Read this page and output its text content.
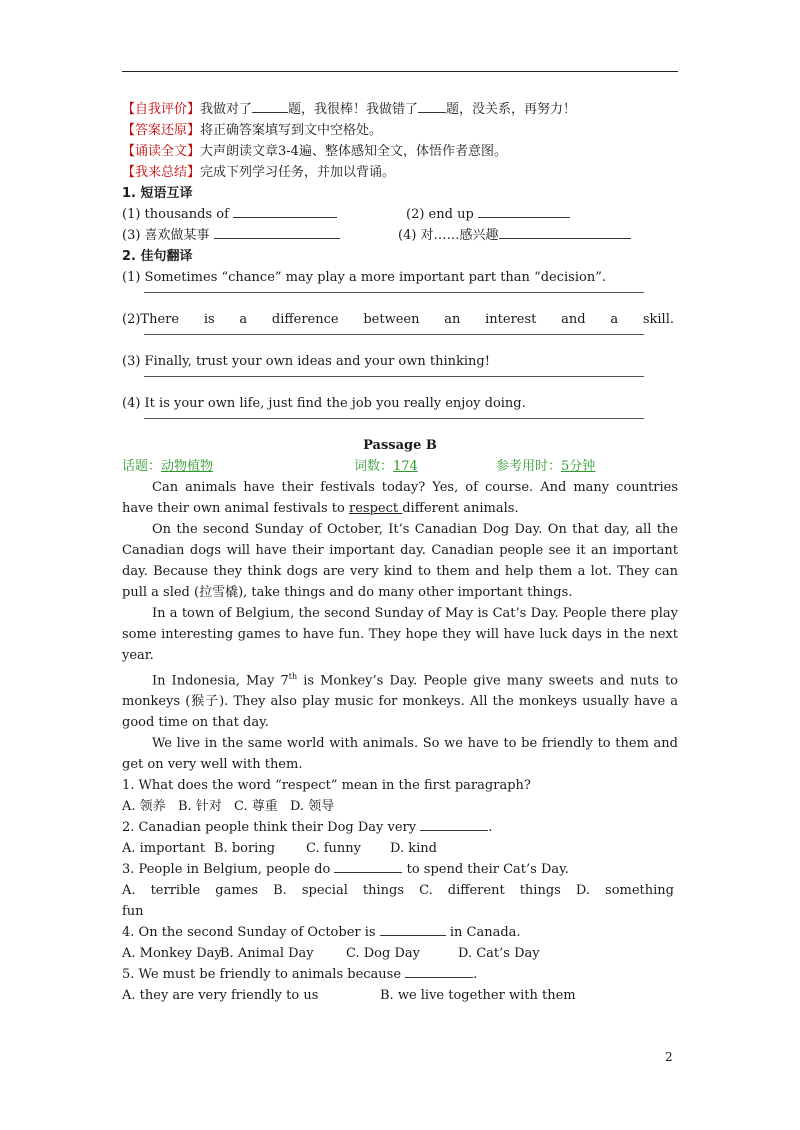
【自我评价】我做对了	题，我很棒！我做错了 题，没关系，再努力！
【答案还原】将正确答案填写到文中空格处。
【诵读全文】大声朗读文章3-4遍、整体感知全文，体悟作者意图。
【我来总结】完成下列学习任务，并加以背诵。
1. 短语互译
(1) thousands of	(2) end up
(3) 喜欢做某事	(4) 对……感兴趣
2. 佳句翻译
(1) Sometimes “chance” may play a more important part than “decision”.
(2)There is a difference between an interest and a skill.
(3) Finally, trust your own ideas and your own thinking!
(4) It is your own life, just find the job you really enjoy doing.
Passage B
话题：动物植物	词数：174	参考用时：5分钟
Can animals have their festivals today? Yes, of course. And many countries have their own animal festivals to respect different animals.
On the second Sunday of October, It’s Canadian Dog Day. On that day, all the Canadian dogs will have their important day. Canadian people see it an important day. Because they think dogs are very kind to them and help them a lot. They can pull a sled (拉雪橇), take things and do many other important things.
In a town of Belgium, the second Sunday of May is Cat’s Day. People there play some interesting games to have fun. They hope they will have luck days in the next year.
In Indonesia, May 7th is Monkey’s Day. People give many sweets and nuts to monkeys (猴子). They also play music for monkeys. All the monkeys usually have a good time on that day.
We live in the same world with animals. So we have to be friendly to them and get on very well with them.
1. What does the word “respect” mean in the first paragraph?
A. 领养 B. 针对 C. 尊重 D. 领导
2. Canadian people think their Dog Day very	.
A. important B. boring C. funny D. kind
3. People in Belgium, people do	to spend their Cat’s Day.
A. terrible games B. special things C. different things D. something
fun
4. On the second Sunday of October is	in Canada.
A. Monkey DayB. Animal Day C. Dog Day	D. Cat’s Day
5. We must be friendly to animals because	.
A. they are very friendly to us	B. we live together with them
2
